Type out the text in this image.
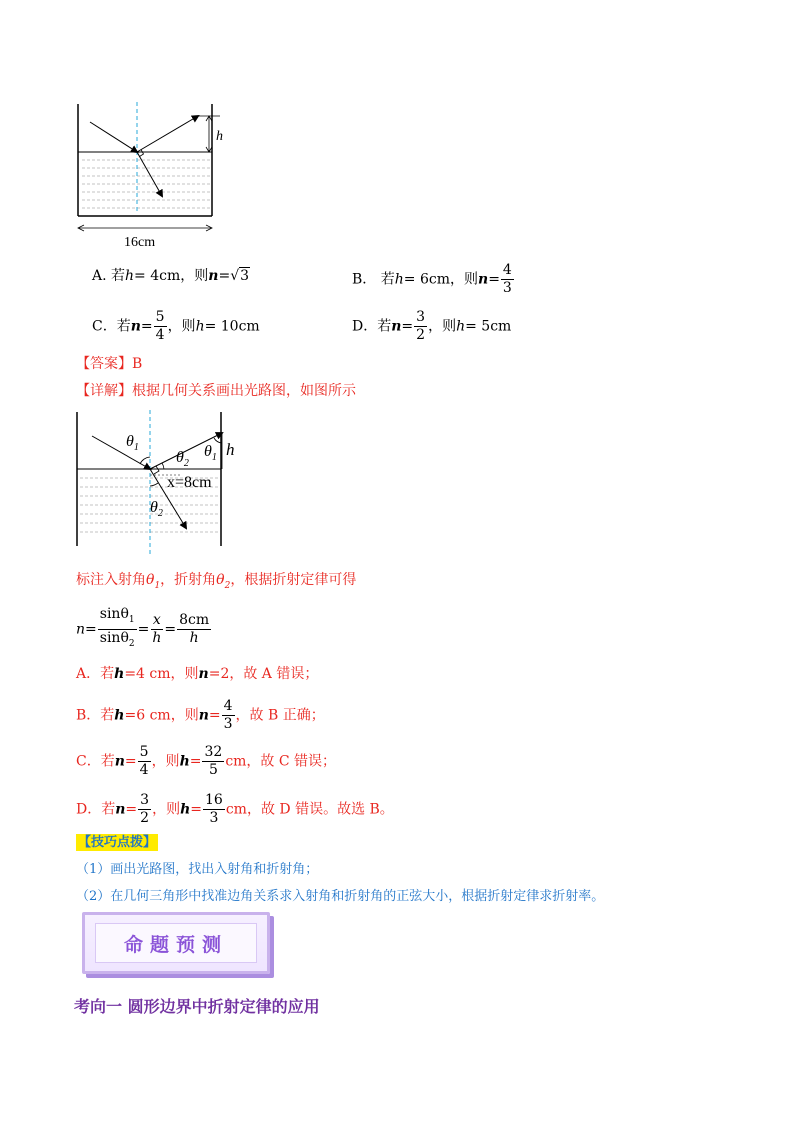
h
16cm
A. 若h= 4cm，则n= √ 3	B． 若h= 6cm，则$n= \frac{4}{3}$
C．若$n= \frac{5}{4}$ ，则h= 10cm	D．若$n= \frac{3}{2}$ ，则h= 5cm
【答案】B
【详解】根据几何关系画出光路图，如图所示
$\theta_1$
$\theta_2$
$\theta_1$ h
x=8cm
$\theta_2$
标注入射角$\theta_1$，折射角$\theta_2$，根据折射定律可得
$n= \frac{\sin\theta_1}{\sin\theta_2} = \frac{x}{h} = \frac{8cm}{h}$
A．若h=4 cm，则n=2，故 A 错误；
B．若h=6 cm，则$n= \frac{4}{3}$ ，故 B 正确；
C．若$n= \frac{5}{4}$ ，则$h= \frac{32}{5}$ cm，故 C 错误；
D．若$n= \frac{3}{2}$ ，则$h= \frac{16}{3}$ cm，故 D 错误。故选 B。
【技巧点拨】
（1）画出光路图，找出入射角和折射角；
（2）在几何三角形中找准边角关系求入射角和折射角的正弦大小，根据折射定律求折射率。
命题预测
考向一 圆形边界中折射定律的应用
